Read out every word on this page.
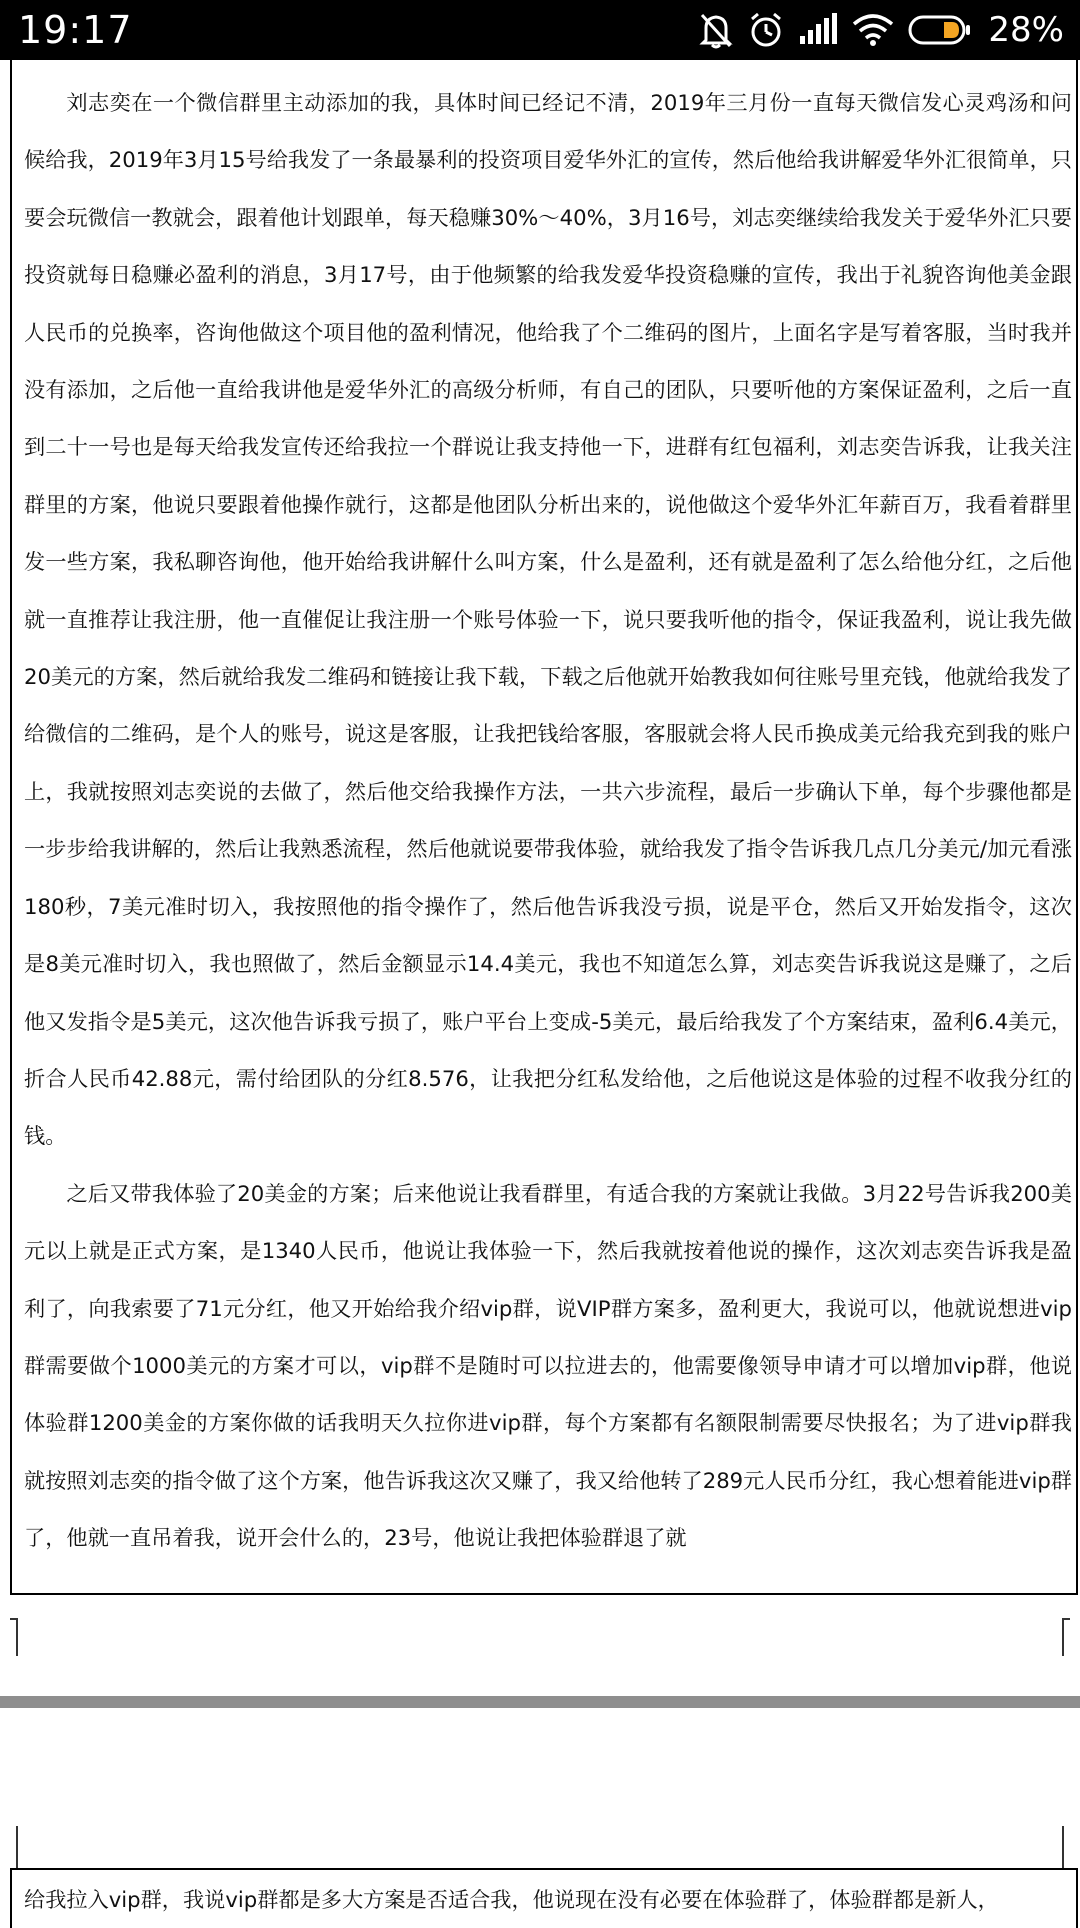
19:17	28%

刘志奕在一个微信群里主动添加的我，具体时间已经记不清，2019年三月份一直每天微信发心灵鸡汤和问候给我，2019年3月15号给我发了一条最暴利的投资项目爱华外汇的宣传，然后他给我讲解爱华外汇很简单，只要会玩微信一教就会，跟着他计划跟单，每天稳赚30%～40%，3月16号，刘志奕继续给我发关于爱华外汇只要投资就每日稳赚必盈利的消息，3月17号，由于他频繁的给我发爱华投资稳赚的宣传，我出于礼貌咨询他美金跟人民币的兑换率，咨询他做这个项目他的盈利情况，他给我了个二维码的图片，上面名字是写着客服，当时我并没有添加，之后他一直给我讲他是爱华外汇的高级分析师，有自己的团队，只要听他的方案保证盈利，之后一直到二十一号也是每天给我发宣传还给我拉一个群说让我支持他一下，进群有红包福利，刘志奕告诉我，让我关注群里的方案，他说只要跟着他操作就行，这都是他团队分析出来的，说他做这个爱华外汇年薪百万，我看着群里发一些方案，我私聊咨询他，他开始给我讲解什么叫方案，什么是盈利，还有就是盈利了怎么给他分红，之后他就一直推荐让我注册，他一直催促让我注册一个账号体验一下，说只要我听他的指令，保证我盈利，说让我先做20美元的方案，然后就给我发二维码和链接让我下载，下载之后他就开始教我如何往账号里充钱，他就给我发了给微信的二维码，是个人的账号，说这是客服，让我把钱给客服，客服就会将人民币换成美元给我充到我的账户上，我就按照刘志奕说的去做了，然后他交给我操作方法，一共六步流程，最后一步确认下单，每个步骤他都是一步步给我讲解的，然后让我熟悉流程，然后他就说要带我体验，就给我发了指令告诉我几点几分美元/加元看涨180秒，7美元准时切入，我按照他的指令操作了，然后他告诉我没亏损，说是平仓，然后又开始发指令，这次是8美元准时切入，我也照做了，然后金额显示14.4美元，我也不知道怎么算，刘志奕告诉我说这是赚了，之后他又发指令是5美元，这次他告诉我亏损了，账户平台上变成-5美元，最后给我发了个方案结束，盈利6.4美元，折合人民币42.88元，需付给团队的分红8.576，让我把分红私发给他，之后他说这是体验的过程不收我分红的钱。

之后又带我体验了20美金的方案；后来他说让我看群里，有适合我的方案就让我做。3月22号告诉我200美元以上就是正式方案，是1340人民币，他说让我体验一下，然后我就按着他说的操作，这次刘志奕告诉我是盈利了，向我索要了71元分红，他又开始给我介绍vip群，说VIP群方案多，盈利更大，我说可以，他就说想进vip群需要做个1000美元的方案才可以，vip群不是随时可以拉进去的，他需要像领导申请才可以增加vip群，他说体验群1200美金的方案你做的话我明天久拉你进vip群，每个方案都有名额限制需要尽快报名；为了进vip群我就按照刘志奕的指令做了这个方案，他告诉我这次又赚了，我又给他转了289元人民币分红，我心想着能进vip群了，他就一直吊着我，说开会什么的，23号，他说让我把体验群退了就

给我拉入vip群，我说vip群都是多大方案是否适合我，他说现在没有必要在体验群了，体验群都是新人，
